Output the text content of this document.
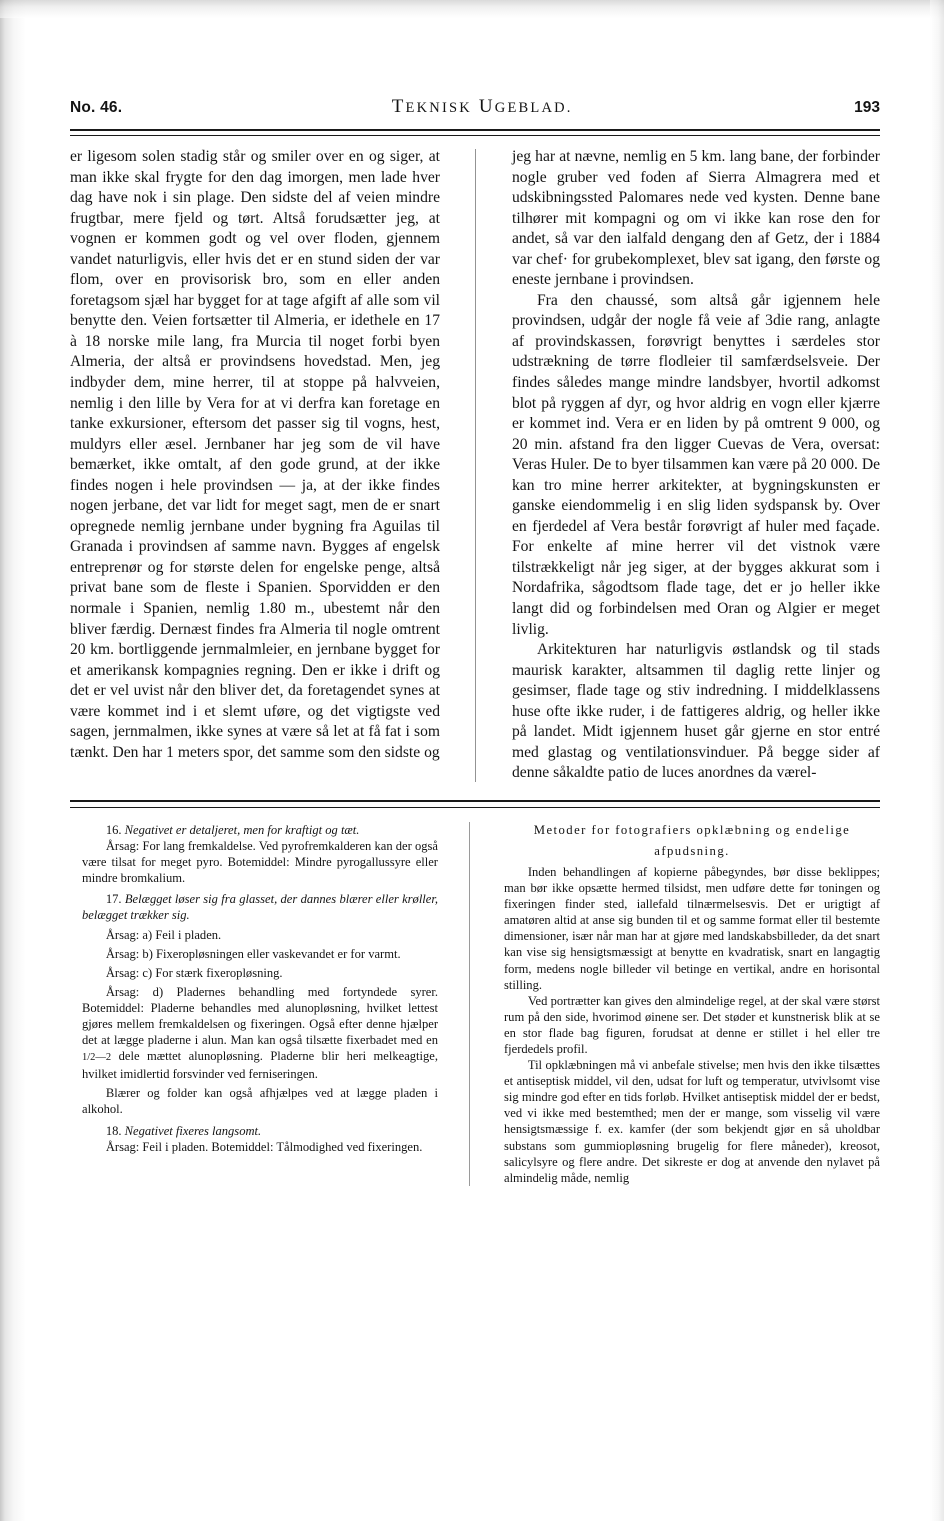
No. 46.	TEKNISK UGEBLAD.	193

er ligesom solen stadig står og smiler over en og siger, at man ikke skal frygte for den dag imorgen, men lade hver dag have nok i sin plage. Den sidste del af veien mindre frugtbar, mere fjeld og tørt. Altså forudsætter jeg, at vognen er kommen godt og vel over floden, gjennem vandet naturligvis, eller hvis det er en stund siden der var flom, over en provisorisk bro, som en eller anden foretagsom sjæl har bygget for at tage afgift af alle som vil benytte den. Veien fortsætter til Almeria, er idethele en 17 à 18 norske mile lang, fra Murcia til noget forbi byen Almeria, der altså er provindsens hovedstad. Men, jeg indbyder dem, mine herrer, til at stoppe på halvveien, nemlig i den lille by Vera for at vi derfra kan foretage en tanke exkursioner, eftersom det passer sig til vogns, hest, muldyrs eller æsel. Jernbaner har jeg som de vil have bemærket, ikke omtalt, af den gode grund, at der ikke findes nogen i hele provindsen — ja, at der ikke findes nogen jerbane, det var lidt for meget sagt, men de er snart opregnede nemlig jernbane under bygning fra Aguilas til Granada i provindsen af samme navn. Bygges af engelsk entreprenør og for største delen for engelske penge, altså privat bane som de fleste i Spanien. Sporvidden er den normale i Spanien, nemlig 1.80 m., ubestemt når den bliver færdig. Dernæst findes fra Almeria til nogle omtrent 20 km. bortliggende jernmalmleier, en jernbane bygget for et amerikansk kompagnies regning. Den er ikke i drift og det er vel uvist når den bliver det, da foretagendet synes at være kommet ind i et slemt uføre, og det vigtigste ved sagen, jernmalmen, ikke synes at være så let at få fat i som tænkt. Den har 1 meters spor, det samme som den sidste og

jeg har at nævne, nemlig en 5 km. lang bane, der forbinder nogle gruber ved foden af Sierra Almagrera med et udskibningssted Palomares nede ved kysten. Denne bane tilhører mit kompagni og om vi ikke kan rose den for andet, så var den ialfald dengang den af Getz, der i 1884 var chef· for grubekomplexet, blev sat igang, den første og eneste jernbane i provindsen.

Fra den chaussé, som altså går igjennem hele provindsen, udgår der nogle få veie af 3die rang, anlagte af provindskassen, forøvrigt benyttes i særdeles stor udstrækning de tørre flodleier til samfærdselsveie. Der findes således mange mindre landsbyer, hvortil adkomst blot på ryggen af dyr, og hvor aldrig en vogn eller kjærre er kommet ind. Vera er en liden by på omtrent 9 000, og 20 min. afstand fra den ligger Cuevas de Vera, oversat: Veras Huler. De to byer tilsammen kan være på 20 000. De kan tro mine herrer arkitekter, at bygningskunsten er ganske eiendommelig i en slig liden sydspansk by. Over en fjerdedel af Vera består forøvrigt af huler med façade. For enkelte af mine herrer vil det vistnok være tilstrækkeligt når jeg siger, at der bygges akkurat som i Nordafrika, sågodtsom flade tage, det er jo heller ikke langt did og forbindelsen med Oran og Algier er meget livlig.

Arkitekturen har naturligvis østlandsk og til stads maurisk karakter, altsammen til daglig rette linjer og gesimser, flade tage og stiv indredning. I middelklassens huse ofte ikke ruder, i de fattigeres aldrig, og heller ikke på landet. Midt igjennem huset går gjerne en stor entré med glastag og ventilationsvinduer. På begge sider af denne såkaldte patio de luces anordnes da værel-

16. Negativet er detaljeret, men for kraftigt og tæt.

Årsag: For lang fremkaldelse. Ved pyrofremkalderen kan der også være tilsat for meget pyro. Botemiddel: Mindre pyrogallussyre eller mindre bromkalium.

17. Belægget løser sig fra glasset, der dannes blærer eller krøller, belægget trækker sig.

Årsag: a) Feil i pladen.

Årsag: b) Fixeropløsningen eller vaskevandet er for varmt.

Årsag: c) For stærk fixeropløsning.

Årsag: d) Pladernes behandling med fortyndede syrer. Botemiddel: Pladerne behandles med alunopløsning, hvilket lettest gjøres mellem fremkaldelsen og fixeringen. Også efter denne hjælper det at lægge pladerne i alun. Man kan også tilsætte fixerbadet med en 1/2—2 dele mættet alunopløsning. Pladerne blir heri melkeagtige, hvilket imidlertid forsvinder ved ferniseringen.

Blærer og folder kan også afhjælpes ved at lægge pladen i alkohol.

18. Negativet fixeres langsomt.

Årsag: Feil i pladen. Botemiddel: Tålmodighed ved fixeringen.

Metoder for fotografiers opklæbning og endelige

afpudsning.

Inden behandlingen af kopierne påbegyndes, bør disse beklippes; man bør ikke opsætte hermed tilsidst, men udføre dette før toningen og fixeringen finder sted, iallefald tilnærmelsesvis. Det er urigtigt af amatøren altid at anse sig bunden til et og samme format eller til bestemte dimensioner, især når man har at gjøre med landskabsbilleder, da det snart kan vise sig hensigtsmæssigt at benytte en kvadratisk, snart en langagtig form, medens nogle billeder vil betinge en vertikal, andre en horisontal stilling.

Ved portrætter kan gives den almindelige regel, at der skal være størst rum på den side, hvorimod øinene ser. Det støder et kunstnerisk blik at se en stor flade bag figuren, forudsat at denne er stillet i hel eller tre fjerdedels profil.

Til opklæbningen må vi anbefale stivelse; men hvis den ikke tilsættes et antiseptisk middel, vil den, udsat for luft og temperatur, utvivlsomt vise sig mindre god efter en tids forløb. Hvilket antiseptisk middel der er bedst, ved vi ikke med bestemthed; men der er mange, som visselig vil være hensigtsmæssige f. ex. kamfer (der som bekjendt gjør en så uholdbar substans som gummiopløsning brugelig for flere måneder), kreosot, salicylsyre og flere andre. Det sikreste er dog at anvende den nylavet på almindelig måde, nemlig
